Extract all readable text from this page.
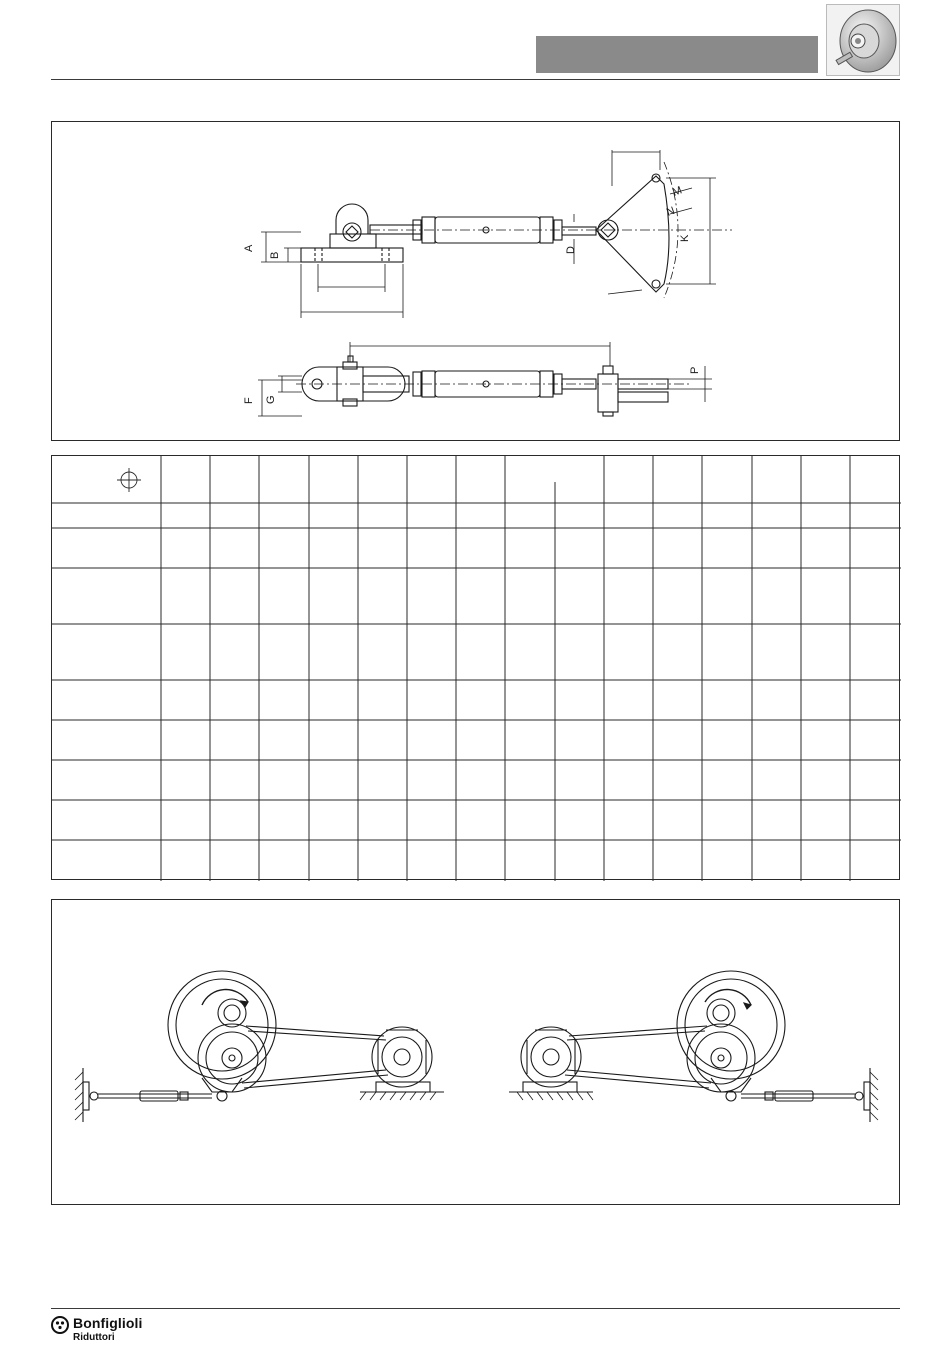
A
B
D
K
M
N
F G
P
Bonfiglioli
Riduttori
